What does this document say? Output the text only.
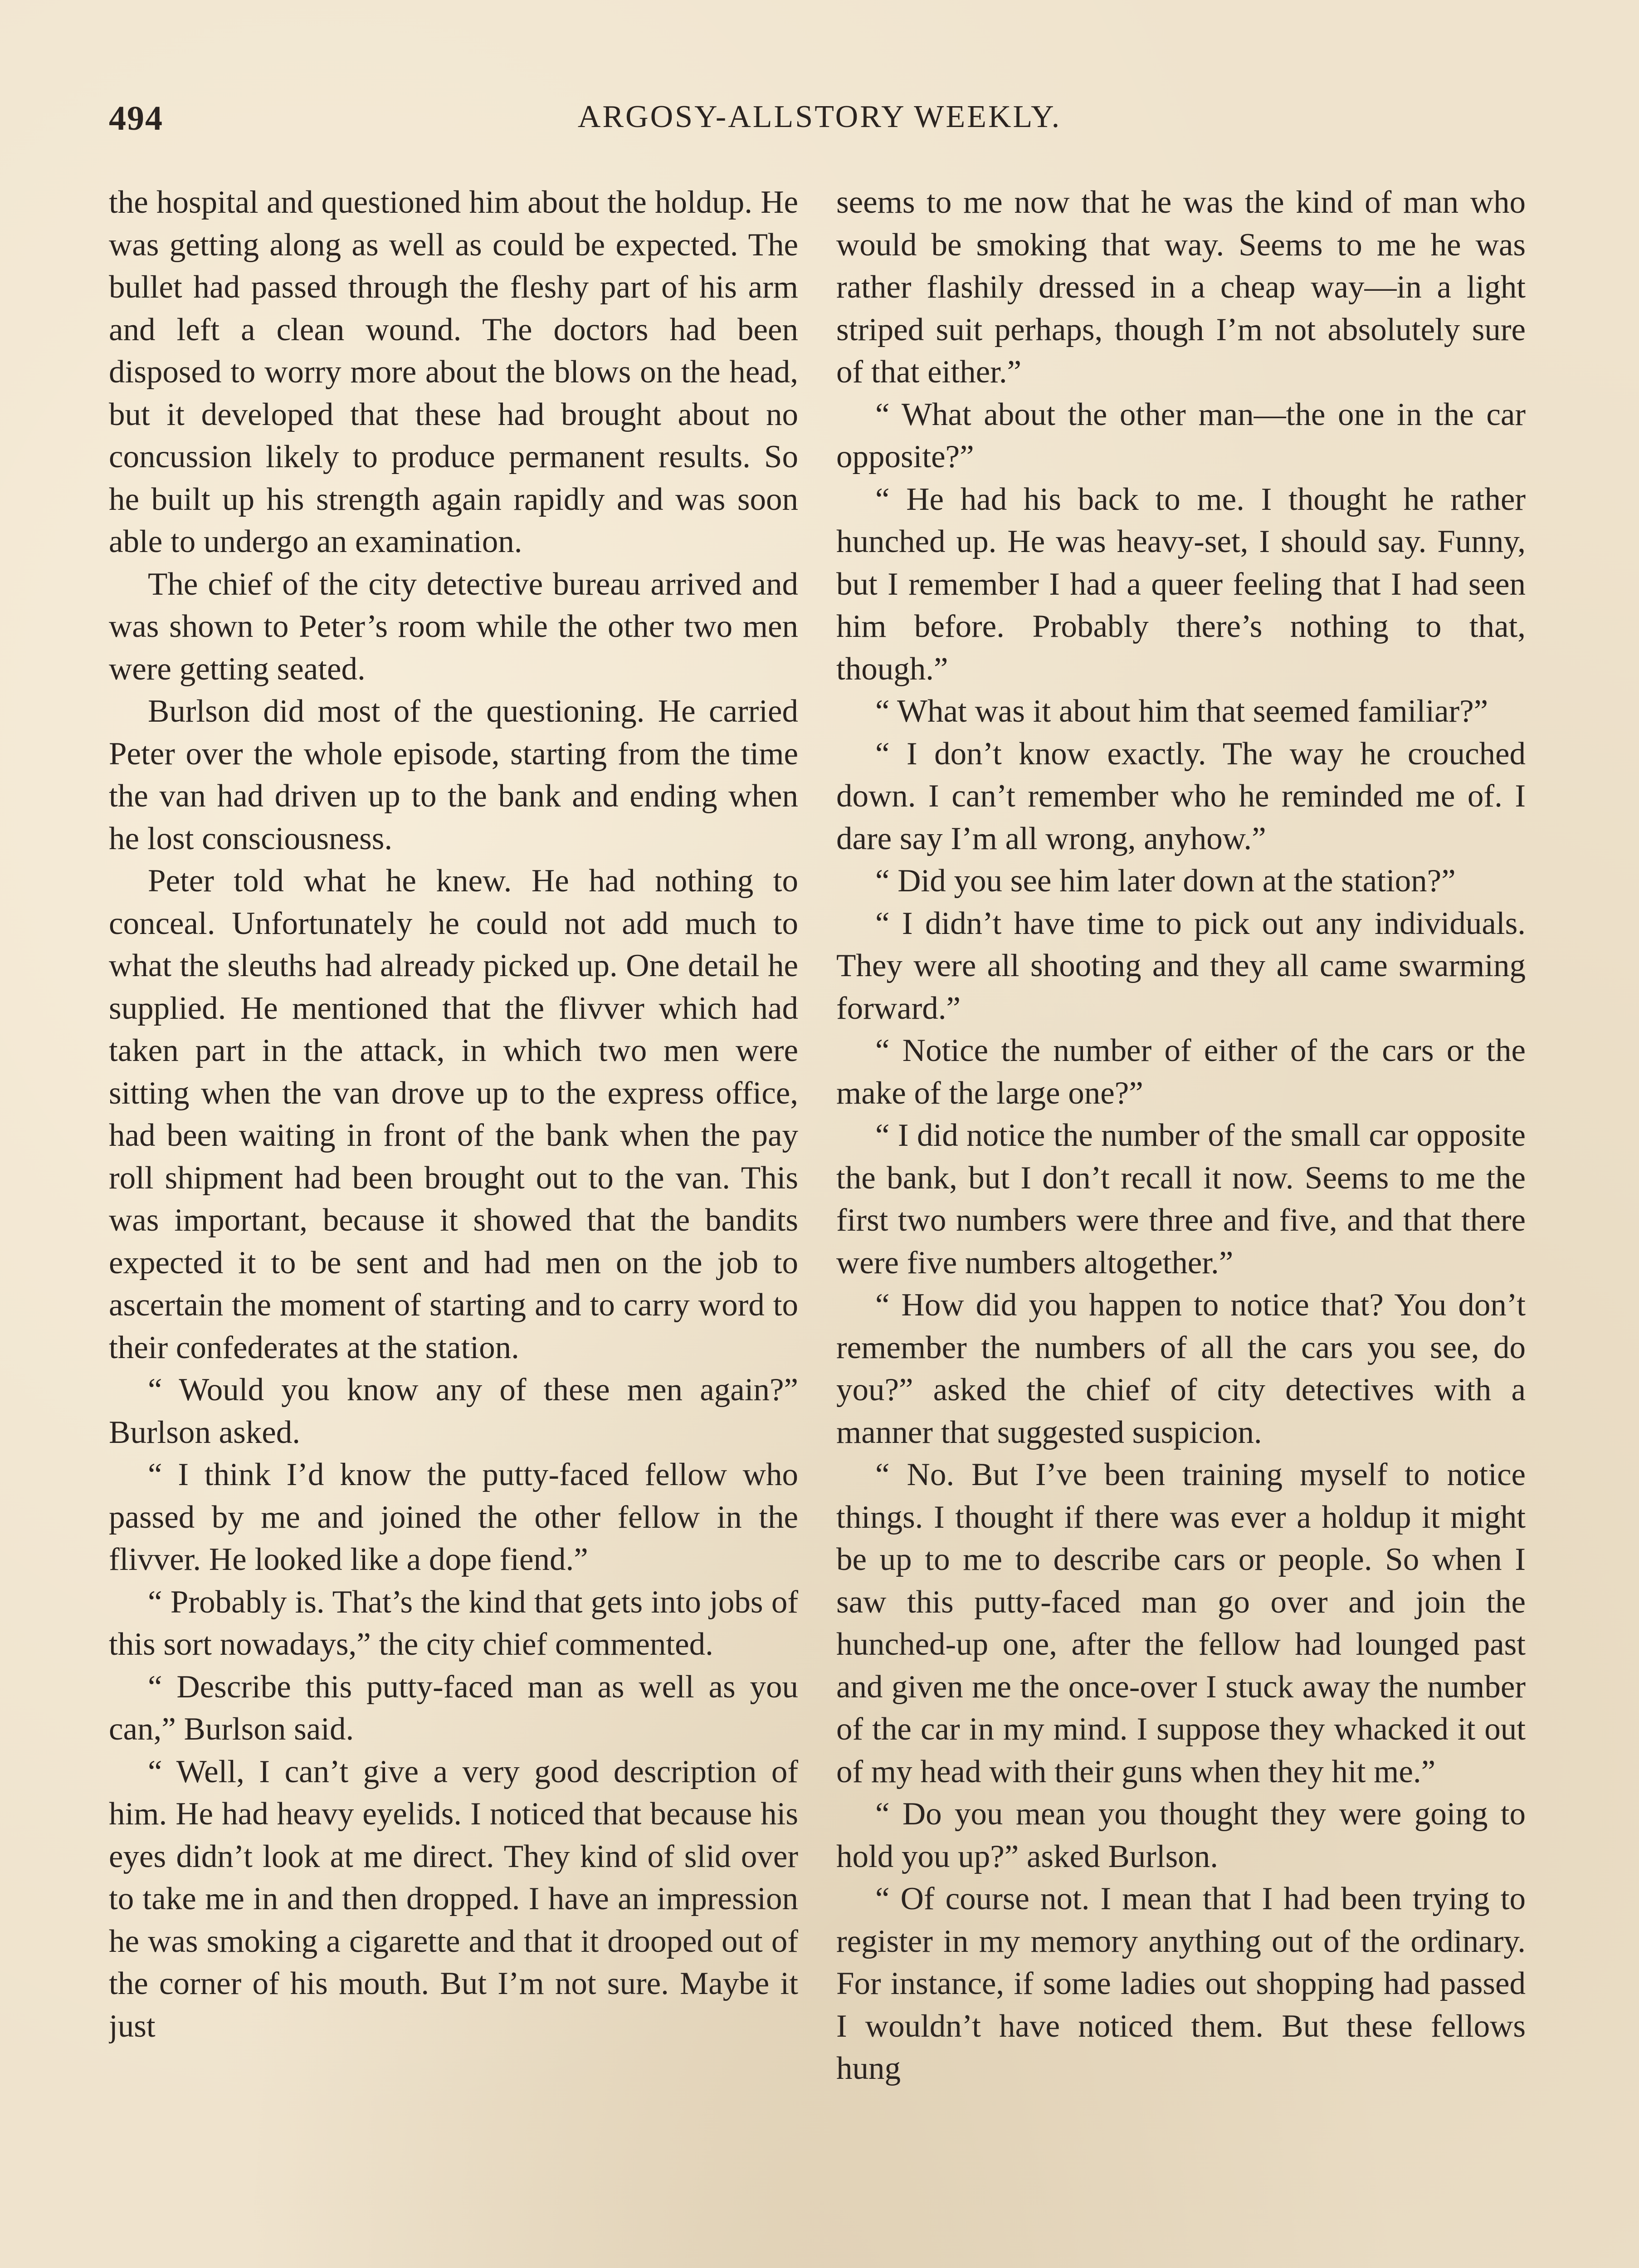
494	ARGOSY-ALLSTORY WEEKLY.

the hospital and questioned him about the holdup. He was getting along as well as could be expected. The bullet had passed through the fleshy part of his arm and left a clean wound. The doctors had been disposed to worry more about the blows on the head, but it developed that these had brought about no concussion likely to produce permanent results. So he built up his strength again rapidly and was soon able to undergo an examination.

The chief of the city detective bureau arrived and was shown to Peter’s room while the other two men were getting seated.

Burlson did most of the questioning. He carried Peter over the whole episode, starting from the time the van had driven up to the bank and ending when he lost consciousness.

Peter told what he knew. He had nothing to conceal. Unfortunately he could not add much to what the sleuths had already picked up. One detail he supplied. He mentioned that the flivver which had taken part in the attack, in which two men were sitting when the van drove up to the express office, had been waiting in front of the bank when the pay roll shipment had been brought out to the van. This was important, because it showed that the bandits expected it to be sent and had men on the job to ascertain the moment of starting and to carry word to their confederates at the station.

“ Would you know any of these men again?” Burlson asked.

“ I think I’d know the putty-faced fellow who passed by me and joined the other fellow in the flivver. He looked like a dope fiend.”

“ Probably is. That’s the kind that gets into jobs of this sort nowadays,” the city chief commented.

“ Describe this putty-faced man as well as you can,” Burlson said.

“ Well, I can’t give a very good description of him. He had heavy eyelids. I noticed that because his eyes didn’t look at me direct. They kind of slid over to take me in and then dropped. I have an impression he was smoking a cigarette and that it drooped out of the corner of his mouth. But I’m not sure. Maybe it just

seems to me now that he was the kind of man who would be smoking that way. Seems to me he was rather flashily dressed in a cheap way—in a light striped suit perhaps, though I’m not absolutely sure of that either.”

“ What about the other man—the one in the car opposite?”

“ He had his back to me. I thought he rather hunched up. He was heavy-set, I should say. Funny, but I remember I had a queer feeling that I had seen him before. Probably there’s nothing to that, though.”

“ What was it about him that seemed familiar?”

“ I don’t know exactly. The way he crouched down. I can’t remember who he reminded me of. I dare say I’m all wrong, anyhow.”

“ Did you see him later down at the station?”

“ I didn’t have time to pick out any individuals. They were all shooting and they all came swarming forward.”

“ Notice the number of either of the cars or the make of the large one?”

“ I did notice the number of the small car opposite the bank, but I don’t recall it now. Seems to me the first two numbers were three and five, and that there were five numbers altogether.”

“ How did you happen to notice that? You don’t remember the numbers of all the cars you see, do you?” asked the chief of city detectives with a manner that suggested suspicion.

“ No. But I’ve been training myself to notice things. I thought if there was ever a holdup it might be up to me to describe cars or people. So when I saw this putty-faced man go over and join the hunched-up one, after the fellow had lounged past and given me the once-over I stuck away the number of the car in my mind. I suppose they whacked it out of my head with their guns when they hit me.”

“ Do you mean you thought they were going to hold you up?” asked Burlson.

“ Of course not. I mean that I had been trying to register in my memory anything out of the ordinary. For instance, if some ladies out shopping had passed I wouldn’t have noticed them. But these fellows hung
